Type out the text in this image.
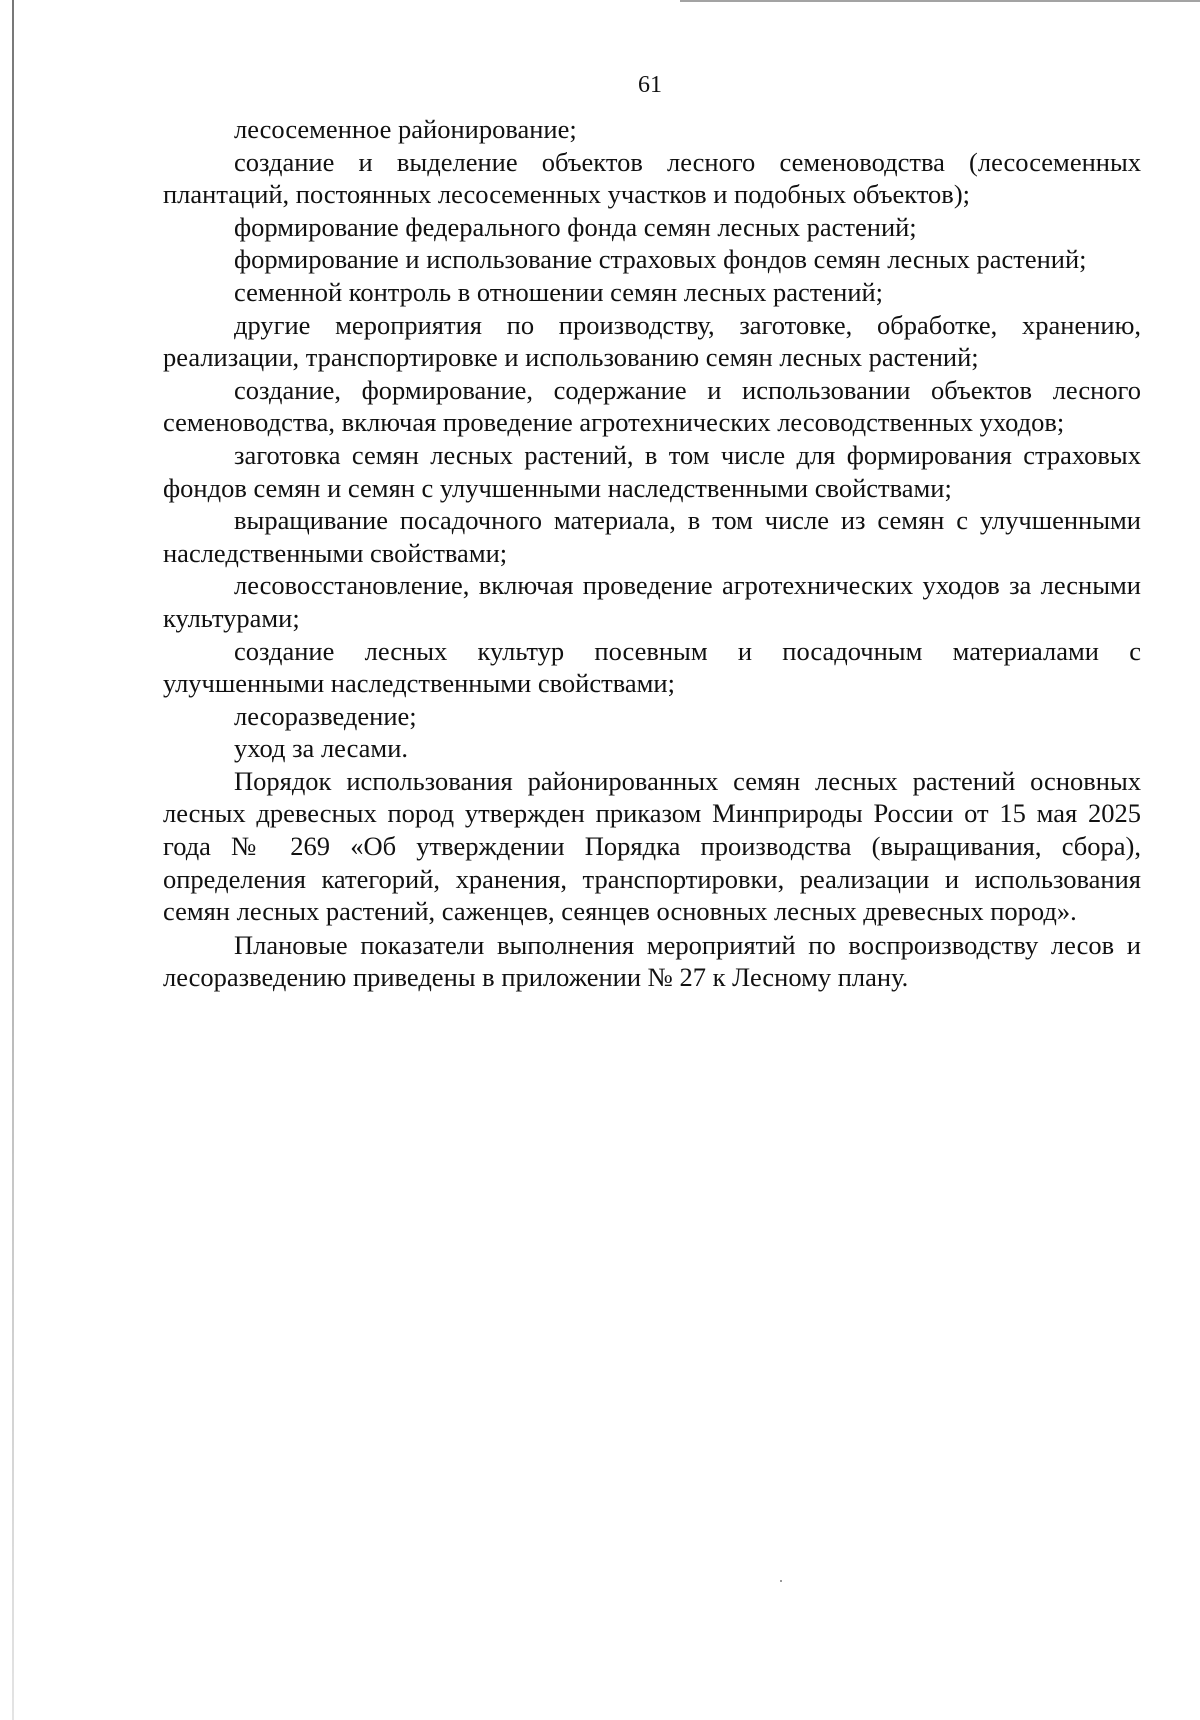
61

лесосеменное районирование;

создание и выделение объектов лесного семеноводства (лесосеменных плантаций, постоянных лесосеменных участков и подобных объектов);

формирование федерального фонда семян лесных растений;

формирование и использование страховых фондов семян лесных растений;

семенной контроль в отношении семян лесных растений;

другие мероприятия по производству, заготовке, обработке, хранению, реализации, транспортировке и использованию семян лесных растений;

создание, формирование, содержание и использовании объектов лесного семеноводства, включая проведение агротехнических лесоводственных уходов;

заготовка семян лесных растений, в том числе для формирования страховых фондов семян и семян с улучшенными наследственными свойствами;

выращивание посадочного материала, в том числе из семян с улучшенными наследственными свойствами;

лесовосстановление, включая проведение агротехнических уходов за лесными культурами;

создание лесных культур посевным и посадочным материалами с улучшенными наследственными свойствами;

лесоразведение;

уход за лесами.

Порядок использования районированных семян лесных растений основных лесных древесных пород утвержден приказом Минприроды России от 15 мая 2025 года № 269 «Об утверждении Порядка производства (выращивания, сбора), определения категорий, хранения, транспортировки, реализации и использования семян лесных растений, саженцев, сеянцев основных лесных древесных пород».

Плановые показатели выполнения мероприятий по воспроизводству лесов и лесоразведению приведены в приложении № 27 к Лесному плану.
